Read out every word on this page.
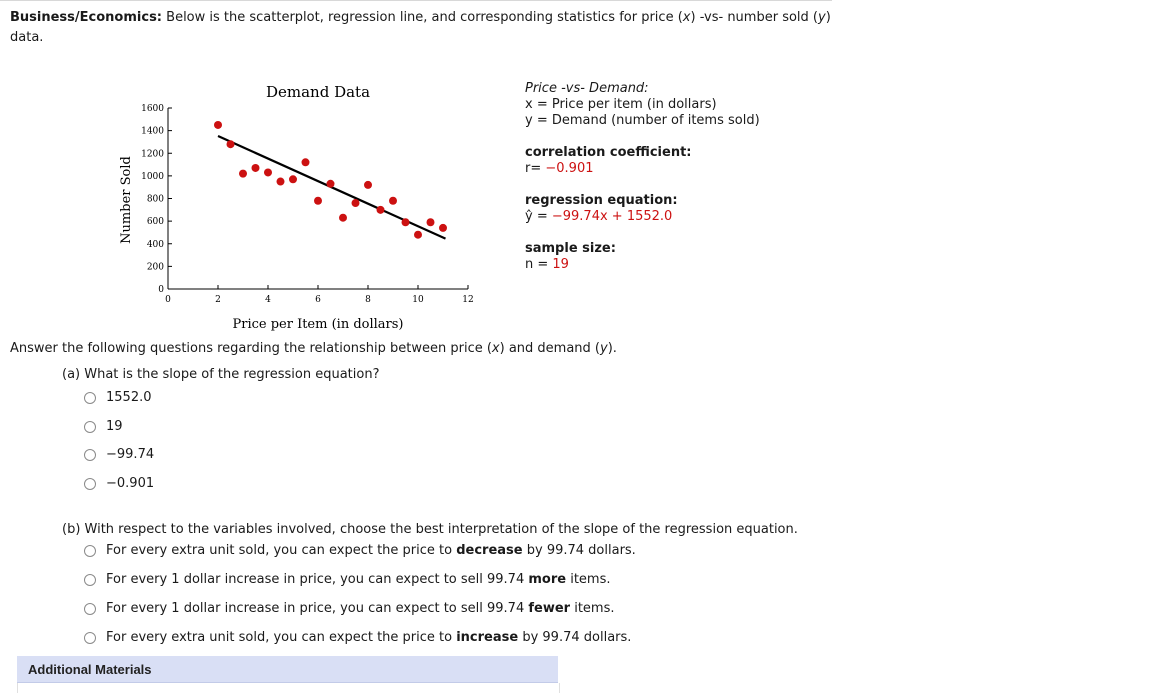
Business/Economics: Below is the scatterplot, regression line, and corresponding statistics for price (x) -vs- number sold (y) data.
Demand Data
Number Sold
Price per Item (in dollars)
0	2	4	6	8	10	12
0
200
400
600
800
1000
1200
1400
1600
Price -vs- Demand:
x = Price per item (in dollars)
y = Demand (number of items sold)
correlation coefficient:
r= −0.901
regression equation:
ŷ = −99.74x + 1552.0
sample size:
n = 19
Answer the following questions regarding the relationship between price (x) and demand (y).
(a) What is the slope of the regression equation?
1552.0
19
−99.74
−0.901
(b) With respect to the variables involved, choose the best interpretation of the slope of the regression equation.
For every extra unit sold, you can expect the price to decrease by 99.74 dollars.
For every 1 dollar increase in price, you can expect to sell 99.74 more items.
For every 1 dollar increase in price, you can expect to sell 99.74 fewer items.
For every extra unit sold, you can expect the price to increase by 99.74 dollars.
Additional Materials
